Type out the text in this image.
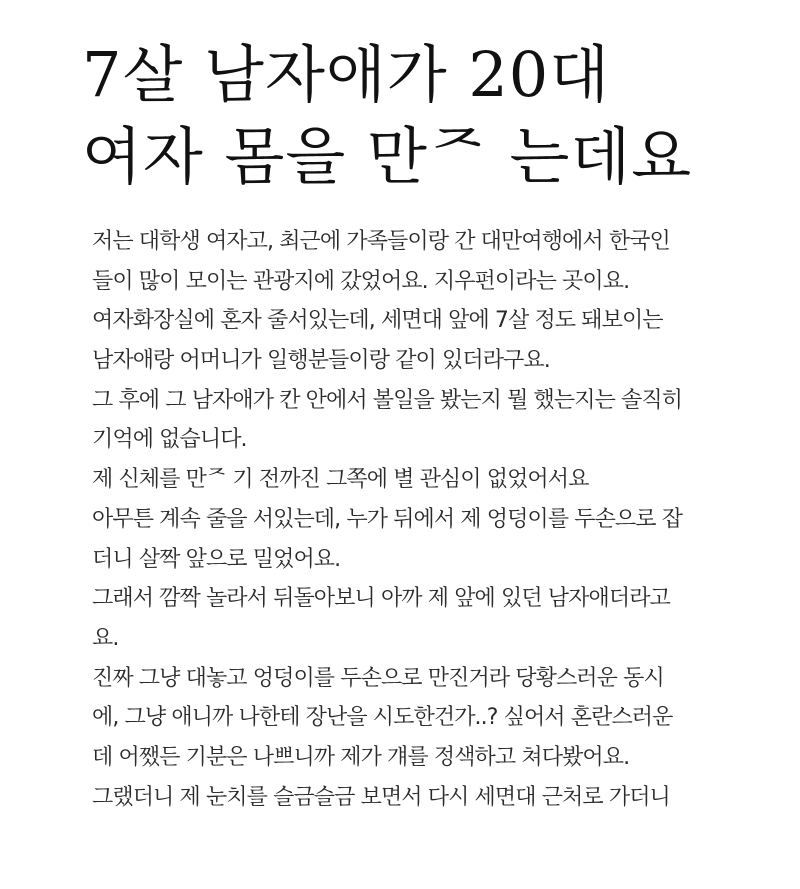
7살 남자애가 20대
여자 몸을 만ᄌ 는데요
저는 대학생 여자고, 최근에 가족들이랑 간 대만여행에서 한국인
들이 많이 모이는 관광지에 갔었어요. 지우펀이라는 곳이요.
여자화장실에 혼자 줄서있는데, 세면대 앞에 7살 정도 돼보이는
남자애랑 어머니가 일행분들이랑 같이 있더라구요.
그 후에 그 남자애가 칸 안에서 볼일을 봤는지 뭘 했는지는 솔직히
기억에 없습니다.
제 신체를 만ᄌ 기 전까진 그쪽에 별 관심이 없었어서요
아무튼 계속 줄을 서있는데, 누가 뒤에서 제 엉덩이를 두손으로 잡
더니 살짝 앞으로 밀었어요.
그래서 깜짝 놀라서 뒤돌아보니 아까 제 앞에 있던 남자애더라고
요.
진짜 그냥 대놓고 엉덩이를 두손으로 만진거라 당황스러운 동시
에, 그냥 애니까 나한테 장난을 시도한건가..? 싶어서 혼란스러운
데 어쨌든 기분은 나쁘니까 제가 걔를 정색하고 쳐다봤어요.
그랬더니 제 눈치를 슬금슬금 보면서 다시 세면대 근처로 가더니
